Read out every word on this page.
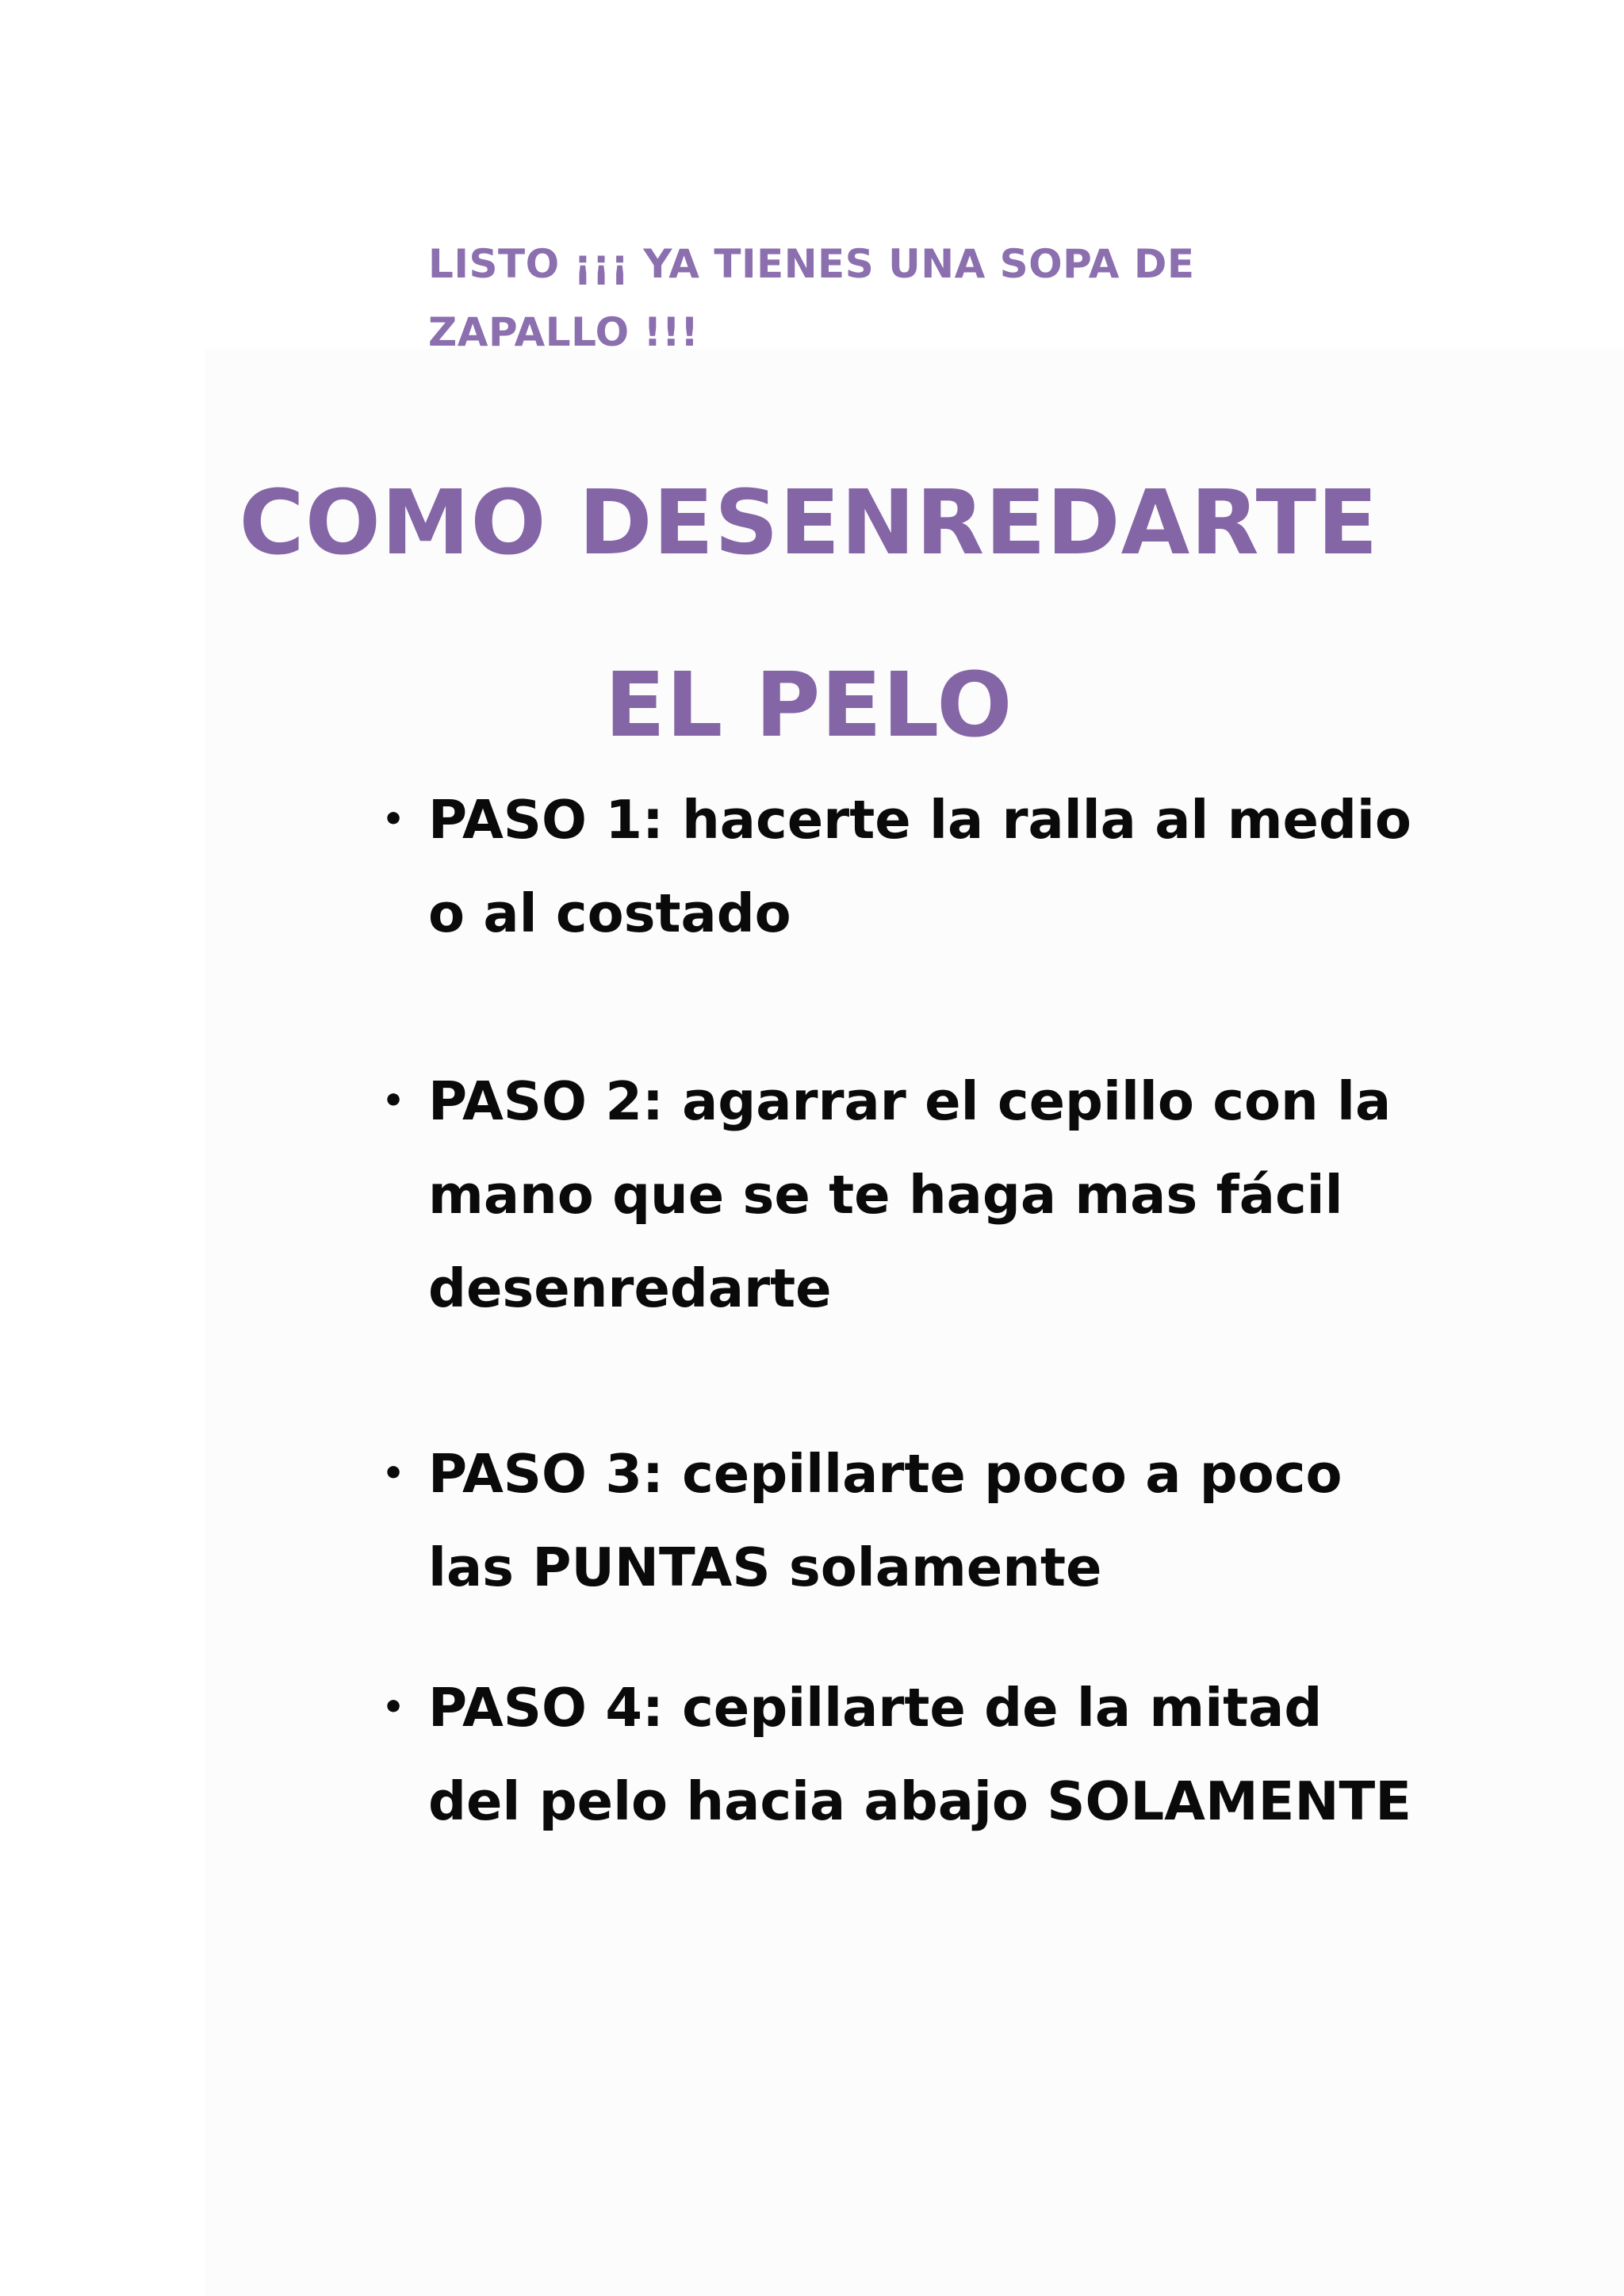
LISTO ¡¡¡ YA TIENES UNA SOPA DE ZAPALLO !!!

COMO DESENREDARTE EL PELO
• PASO 1: hacerte la ralla al medio o al costado
• PASO 2: agarrar el cepillo con la mano que se te haga mas fácil desenredarte
• PASO 3: cepillarte poco a poco las PUNTAS solamente
• PASO 4: cepillarte de la mitad del pelo hacia abajo SOLAMENTE
